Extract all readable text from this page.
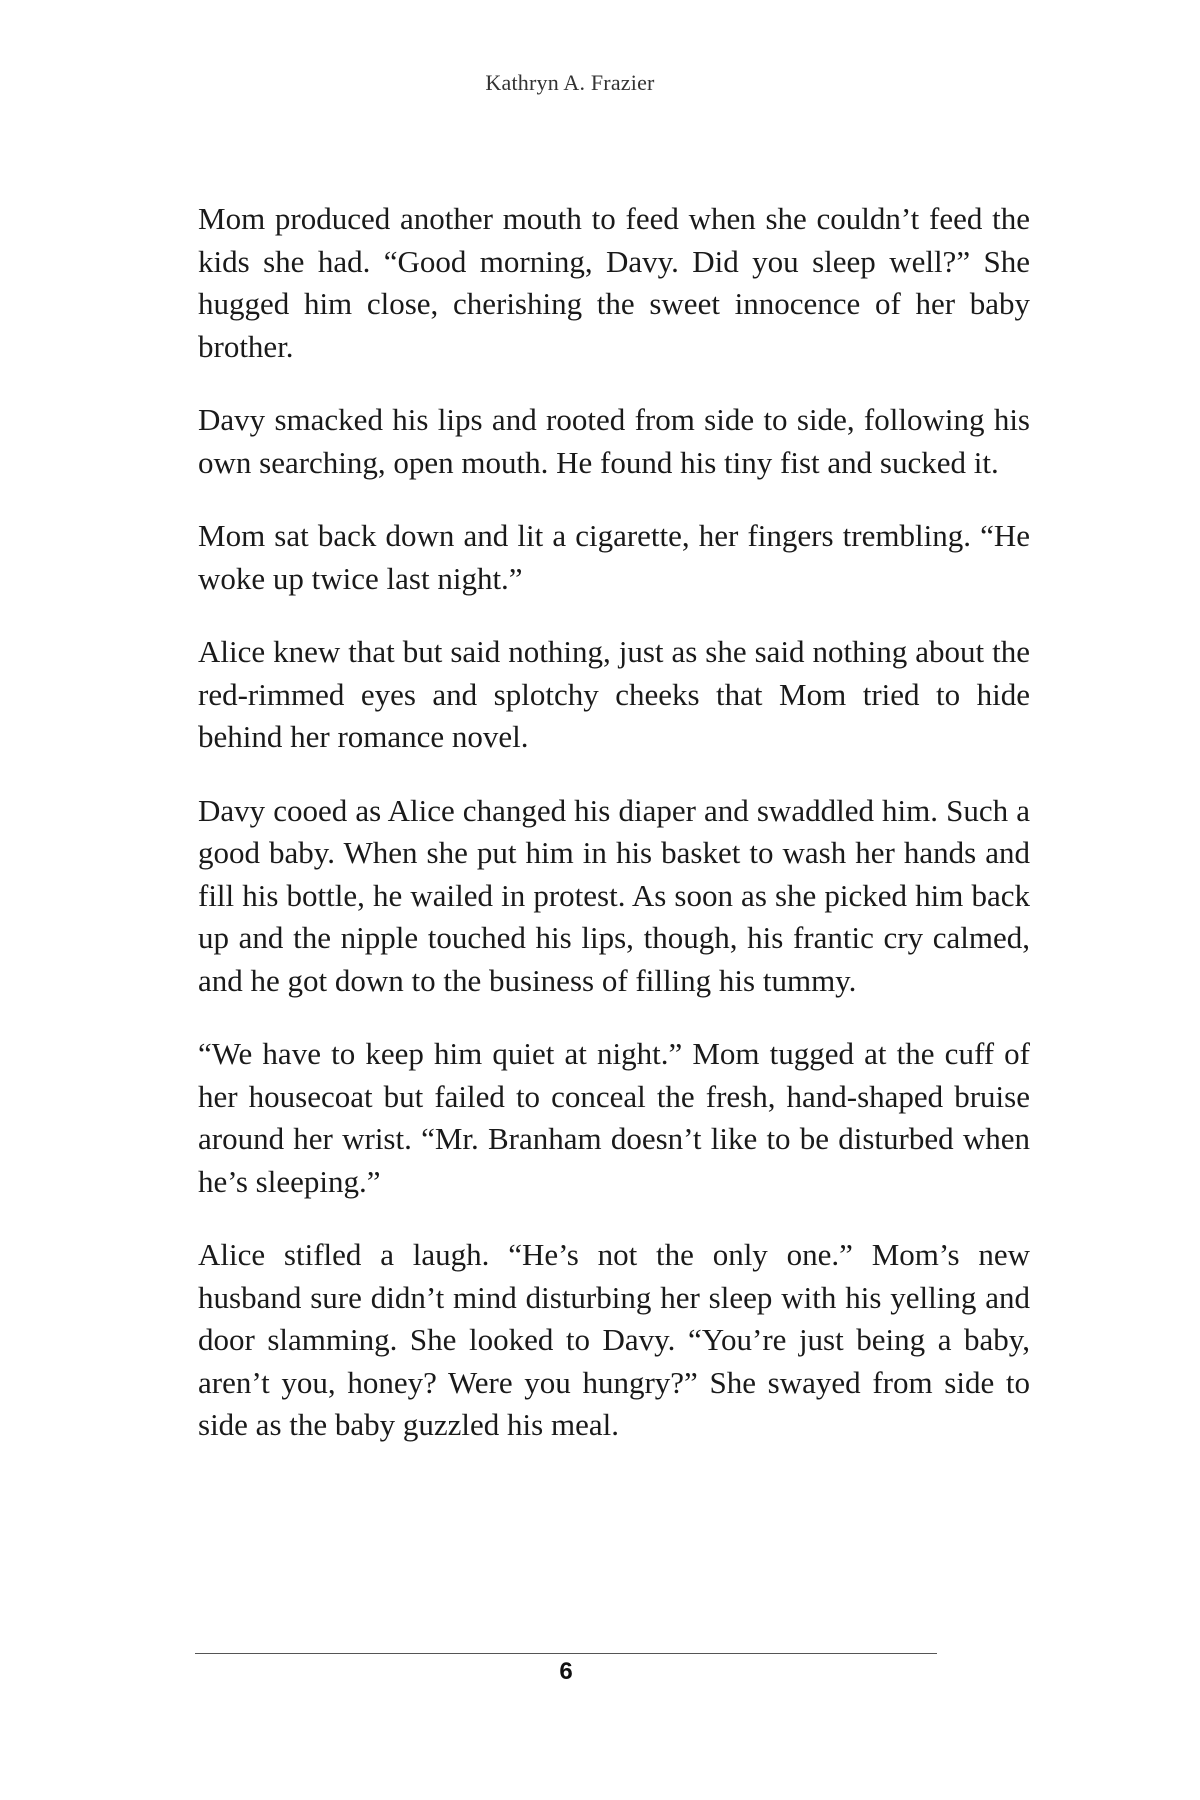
Kathryn A. Frazier

Mom produced another mouth to feed when she couldn’t feed the kids she had. “Good morning, Davy. Did you sleep well?” She hugged him close, cherishing the sweet innocence of her baby brother.

Davy smacked his lips and rooted from side to side, following his own searching, open mouth. He found his tiny fist and sucked it.

Mom sat back down and lit a cigarette, her fingers trembling. “He woke up twice last night.”

Alice knew that but said nothing, just as she said nothing about the red-rimmed eyes and splotchy cheeks that Mom tried to hide behind her romance novel.

Davy cooed as Alice changed his diaper and swaddled him. Such a good baby. When she put him in his basket to wash her hands and fill his bottle, he wailed in protest. As soon as she picked him back up and the nipple touched his lips, though, his frantic cry calmed, and he got down to the business of filling his tummy.

“We have to keep him quiet at night.” Mom tugged at the cuff of her housecoat but failed to conceal the fresh, hand-shaped bruise around her wrist. “Mr. Branham doesn’t like to be disturbed when he’s sleeping.”

Alice stifled a laugh. “He’s not the only one.” Mom’s new husband sure didn’t mind disturbing her sleep with his yelling and door slamming. She looked to Davy. “You’re just being a baby, aren’t you, honey? Were you hungry?” She swayed from side to side as the baby guzzled his meal.

6
